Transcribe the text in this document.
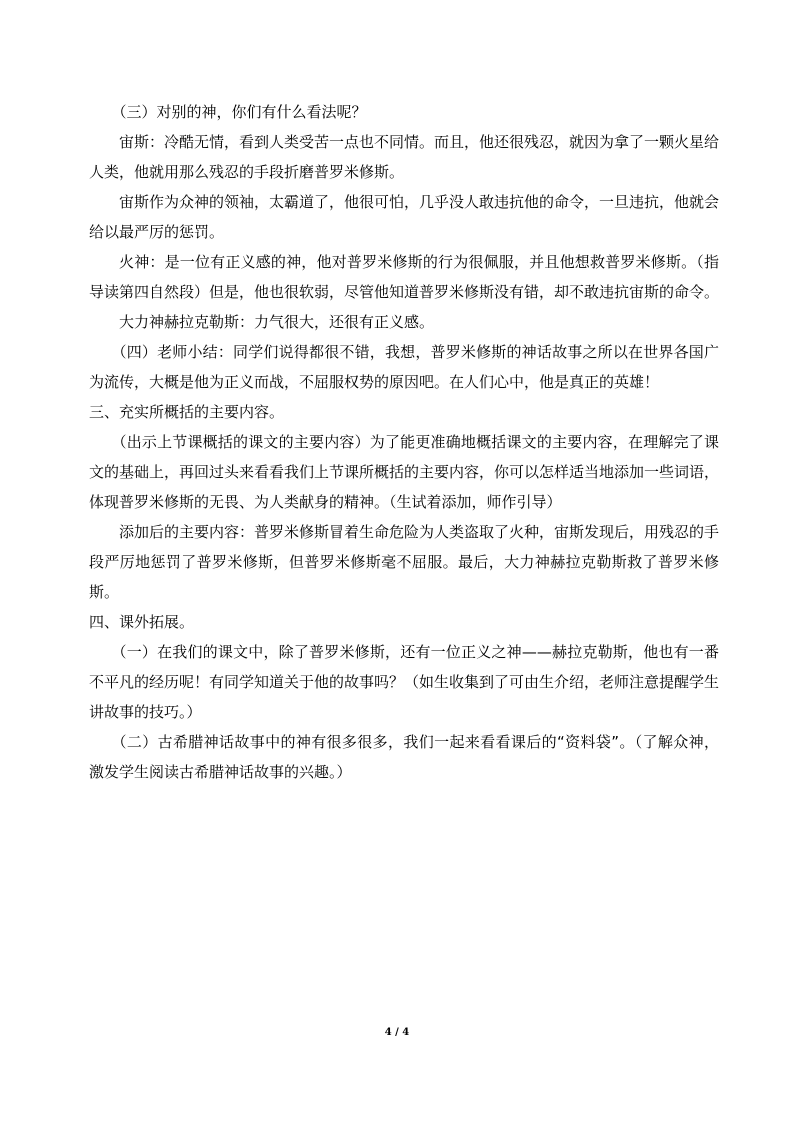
（三）对别的神，你们有什么看法呢？

宙斯：冷酷无情，看到人类受苦一点也不同情。而且，他还很残忍，就因为拿了一颗火星给人类，他就用那么残忍的手段折磨普罗米修斯。

宙斯作为众神的领袖，太霸道了，他很可怕，几乎没人敢违抗他的命令，一旦违抗，他就会给以最严厉的惩罚。

火神：是一位有正义感的神，他对普罗米修斯的行为很佩服，并且他想救普罗米修斯。（指导读第四自然段）但是，他也很软弱，尽管他知道普罗米修斯没有错，却不敢违抗宙斯的命令。

大力神赫拉克勒斯：力气很大，还很有正义感。

（四）老师小结：同学们说得都很不错，我想，普罗米修斯的神话故事之所以在世界各国广为流传，大概是他为正义而战，不屈服权势的原因吧。在人们心中，他是真正的英雄！

三、充实所概括的主要内容。

（出示上节课概括的课文的主要内容）为了能更准确地概括课文的主要内容，在理解完了课文的基础上，再回过头来看看我们上节课所概括的主要内容，你可以怎样适当地添加一些词语，体现普罗米修斯的无畏、为人类献身的精神。（生试着添加，师作引导）

添加后的主要内容：普罗米修斯冒着生命危险为人类盗取了火种，宙斯发现后，用残忍的手段严厉地惩罚了普罗米修斯，但普罗米修斯毫不屈服。最后，大力神赫拉克勒斯救了普罗米修斯。

四、课外拓展。

（一）在我们的课文中，除了普罗米修斯，还有一位正义之神——赫拉克勒斯，他也有一番不平凡的经历呢！有同学知道关于他的故事吗？（如生收集到了可由生介绍，老师注意提醒学生讲故事的技巧。）

（二）古希腊神话故事中的神有很多很多，我们一起来看看课后的“资料袋”。（了解众神，激发学生阅读古希腊神话故事的兴趣。）

4 / 4
